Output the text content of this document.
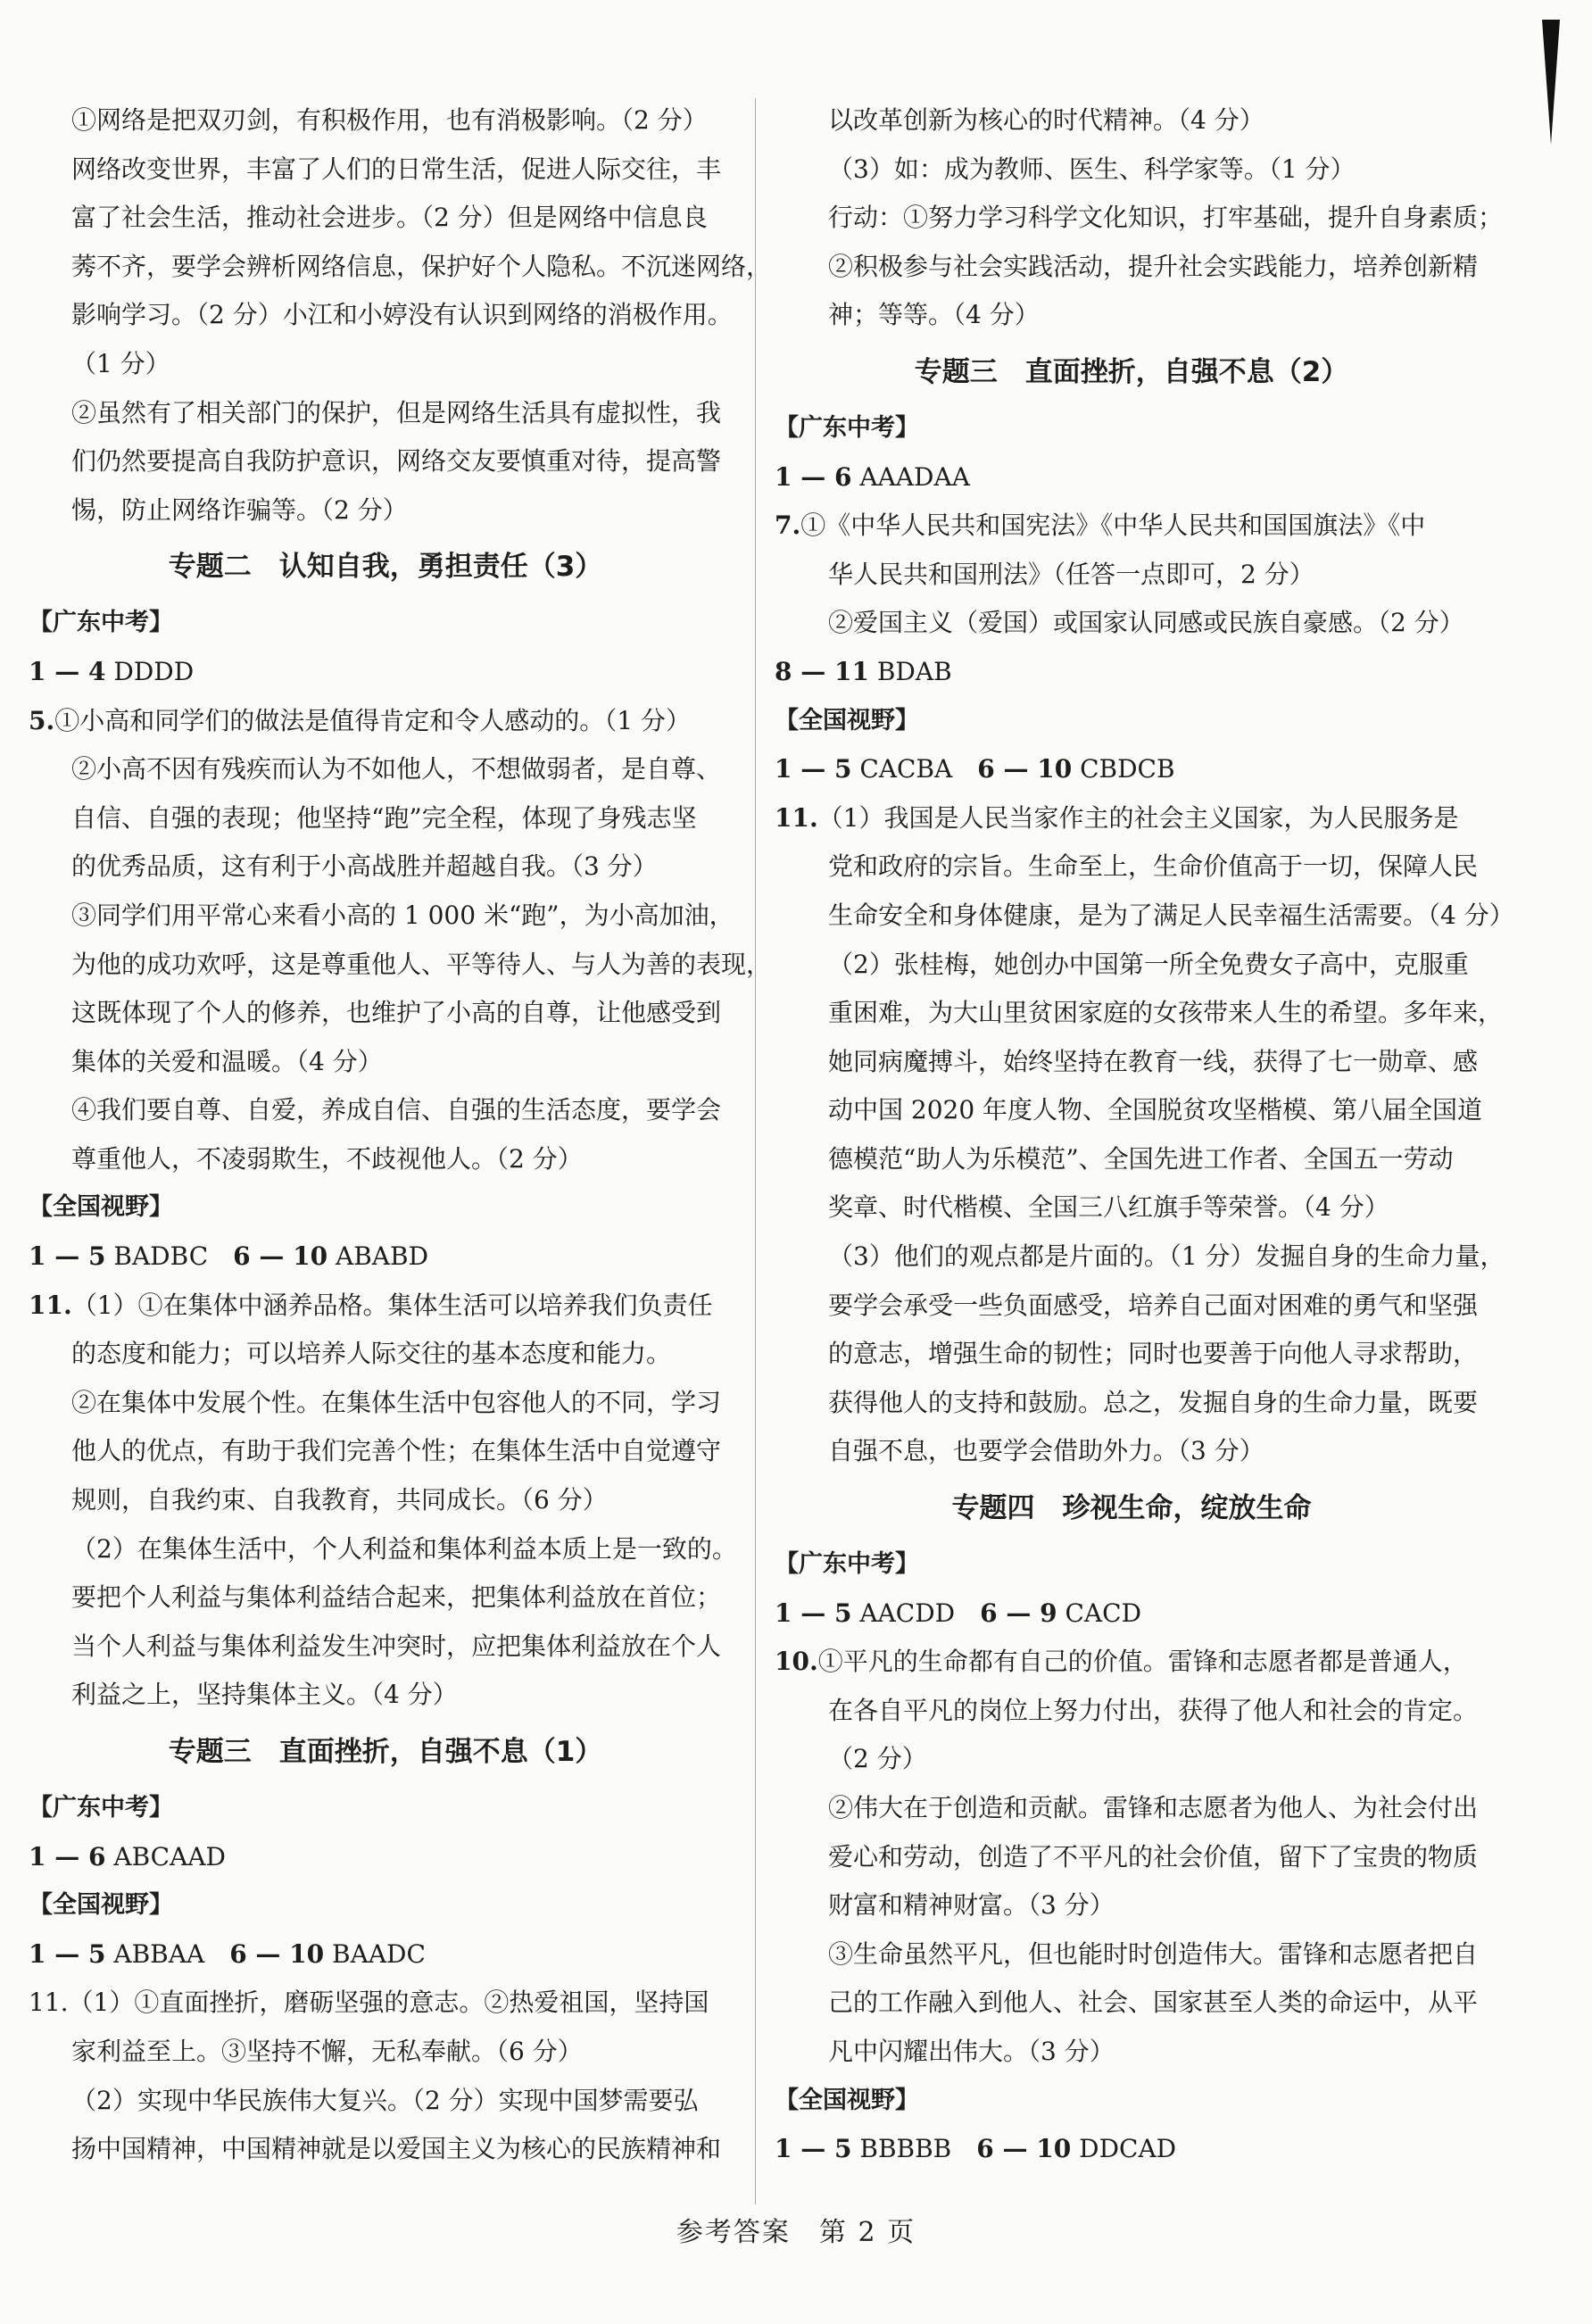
①网络是把双刃剑，有积极作用，也有消极影响。（2 分）
网络改变世界，丰富了人们的日常生活，促进人际交往，丰
富了社会生活，推动社会进步。（2 分）但是网络中信息良
莠不齐，要学会辨析网络信息，保护好个人隐私。不沉迷网络，
影响学习。（2 分）小江和小婷没有认识到网络的消极作用。
（1 分）
②虽然有了相关部门的保护，但是网络生活具有虚拟性，我
们仍然要提高自我防护意识，网络交友要慎重对待，提高警
惕，防止网络诈骗等。（2 分）
专题二　认知自我，勇担责任（3）
【广东中考】
1 — 4 DDDD
5.①小高和同学们的做法是值得肯定和令人感动的。（1 分）
②小高不因有残疾而认为不如他人，不想做弱者，是自尊、
自信、自强的表现；他坚持“跑”完全程，体现了身残志坚
的优秀品质，这有利于小高战胜并超越自我。（3 分）
③同学们用平常心来看小高的 1 000 米“跑”，为小高加油，
为他的成功欢呼，这是尊重他人、平等待人、与人为善的表现，
这既体现了个人的修养，也维护了小高的自尊，让他感受到
集体的关爱和温暖。（4 分）
④我们要自尊、自爱，养成自信、自强的生活态度，要学会
尊重他人，不凌弱欺生，不歧视他人。（2 分）
【全国视野】
1 — 5 BADBC　6 — 10 ABABD
11.（1）①在集体中涵养品格。集体生活可以培养我们负责任
的态度和能力；可以培养人际交往的基本态度和能力。
②在集体中发展个性。在集体生活中包容他人的不同，学习
他人的优点，有助于我们完善个性；在集体生活中自觉遵守
规则，自我约束、自我教育，共同成长。（6 分）
（2）在集体生活中，个人利益和集体利益本质上是一致的。
要把个人利益与集体利益结合起来，把集体利益放在首位；
当个人利益与集体利益发生冲突时，应把集体利益放在个人
利益之上，坚持集体主义。（4 分）
专题三　直面挫折，自强不息（1）
【广东中考】
1 — 6 ABCAAD
【全国视野】
1 — 5 ABBAA　6 — 10 BAADC
11.（1）①直面挫折，磨砺坚强的意志。②热爱祖国，坚持国
家利益至上。③坚持不懈，无私奉献。（6 分）
（2）实现中华民族伟大复兴。（2 分）实现中国梦需要弘
扬中国精神，中国精神就是以爱国主义为核心的民族精神和
以改革创新为核心的时代精神。（4 分）
（3）如：成为教师、医生、科学家等。（1 分）
行动：①努力学习科学文化知识，打牢基础，提升自身素质；
②积极参与社会实践活动，提升社会实践能力，培养创新精
神；等等。（4 分）
专题三　直面挫折，自强不息（2）
【广东中考】
1 — 6 AAADAA
7.①《中华人民共和国宪法》《中华人民共和国国旗法》《中
华人民共和国刑法》（任答一点即可，2 分）
②爱国主义（爱国）或国家认同感或民族自豪感。（2 分）
8 — 11 BDAB
【全国视野】
1 — 5 CACBA　6 — 10 CBDCB
11.（1）我国是人民当家作主的社会主义国家，为人民服务是
党和政府的宗旨。生命至上，生命价值高于一切，保障人民
生命安全和身体健康，是为了满足人民幸福生活需要。（4 分）
（2）张桂梅，她创办中国第一所全免费女子高中，克服重
重困难，为大山里贫困家庭的女孩带来人生的希望。多年来，
她同病魔搏斗，始终坚持在教育一线，获得了七一勋章、感
动中国 2020 年度人物、全国脱贫攻坚楷模、第八届全国道
德模范“助人为乐模范”、全国先进工作者、全国五一劳动
奖章、时代楷模、全国三八红旗手等荣誉。（4 分）
（3）他们的观点都是片面的。（1 分）发掘自身的生命力量，
要学会承受一些负面感受，培养自己面对困难的勇气和坚强
的意志，增强生命的韧性；同时也要善于向他人寻求帮助，
获得他人的支持和鼓励。总之，发掘自身的生命力量，既要
自强不息，也要学会借助外力。（3 分）
专题四　珍视生命，绽放生命
【广东中考】
1 — 5 AACDD　6 — 9 CACD
10.①平凡的生命都有自己的价值。雷锋和志愿者都是普通人，
在各自平凡的岗位上努力付出，获得了他人和社会的肯定。
（2 分）
②伟大在于创造和贡献。雷锋和志愿者为他人、为社会付出
爱心和劳动，创造了不平凡的社会价值，留下了宝贵的物质
财富和精神财富。（3 分）
③生命虽然平凡，但也能时时创造伟大。雷锋和志愿者把自
己的工作融入到他人、社会、国家甚至人类的命运中，从平
凡中闪耀出伟大。（3 分）
【全国视野】
1 — 5 BBBBB　6 — 10 DDCAD
参考答案　第 2 页
